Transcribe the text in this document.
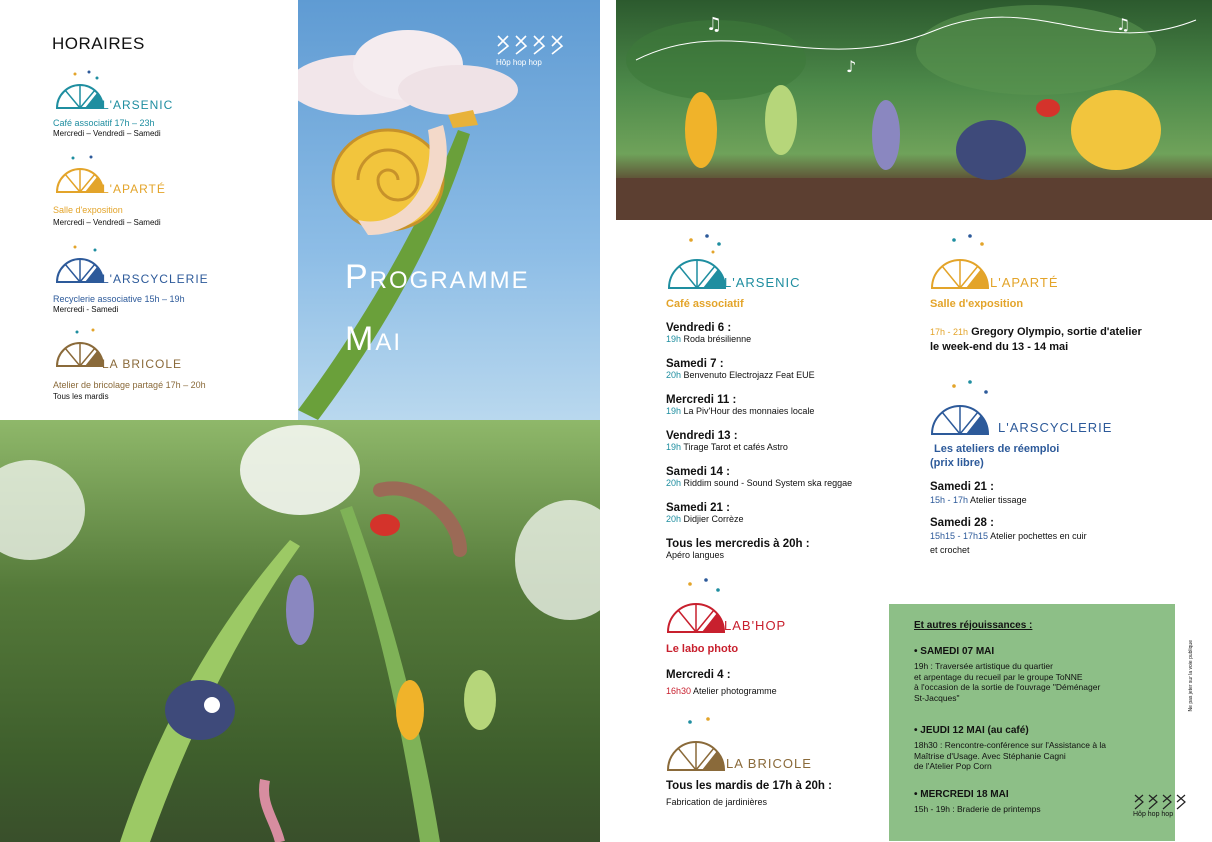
HORAIRES
L'ARSENIC
Café associatif 17h – 23h
Mercredi – Vendredi – Samedi
L'APARTÉ
Salle d'exposition
Mercredi – Vendredi – Samedi
L'ARSCYCLERIE
Recyclerie associative 15h – 19h
Mercredi - Samedi
LA BRICOLE
Atelier de bricolage partagé 17h – 20h
Tous les mardis
Hôp hop hop
Programme
Mai
♫
♪
♫
L'ARSENIC
Café associatif
Vendredi 6 :
19h Roda brésilienne
Samedi 7 :
20h Benvenuto Electrojazz Feat EUE
Mercredi 11 :
19h La Piv'Hour des monnaies locale
Vendredi 13 :
19h Tirage Tarot et cafés Astro
Samedi 14 :
20h Riddim sound - Sound System ska reggae
Samedi 21 :
20h Didjier Corrèze
Tous les mercredis à 20h :
Apéro langues
LAB'HOP
Le labo photo
Mercredi 4 :
16h30 Atelier photogramme
LA BRICOLE
Tous les mardis de 17h à 20h :
Fabrication de jardinières
L'APARTÉ
Salle d'exposition
17h - 21h Gregory Olympio, sortie d'atelier
le week-end du 13 - 14 mai
L'ARSCYCLERIE
Les ateliers de réemploi
(prix libre)
Samedi 21 :
15h - 17h Atelier tissage
Samedi 28 :
15h15 - 17h15 Atelier pochettes en cuir
et crochet
Et autres réjouissances :
• SAMEDI 07 MAI
19h : Traversée artistique du quartier
et arpentage du recueil par le groupe ToNNE
à l'occasion de la sortie de l'ouvrage "Déménager
St-Jacques"
• JEUDI 12 MAI (au café)
18h30 : Rencontre-conférence sur l'Assistance à la
Maîtrise d'Usage. Avec Stéphanie Cagni
de l'Atelier Pop Corn
• MERCREDI 18 MAI
15h - 19h : Braderie de printemps
Ne pas jeter sur la voie publique
Hôp hop hop
